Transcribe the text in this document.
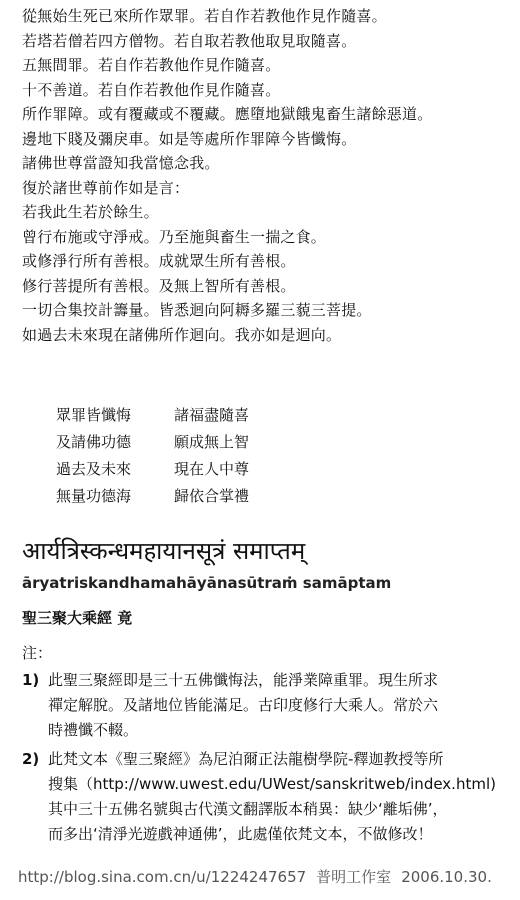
從無始生死已來所作眾罪。若自作若教他作見作隨喜。
若塔若僧若四方僧物。若自取若教他取見取隨喜。
五無間罪。若自作若教他作見作隨喜。
十不善道。若自作若教他作見作隨喜。
所作罪障。或有覆藏或不覆藏。應墮地獄餓鬼畜生諸餘惡道。
邊地下賤及彌戾車。如是等處所作罪障今皆懺悔。
諸佛世尊當證知我當憶念我。
復於諸世尊前作如是言：
若我此生若於餘生。
曾行布施或守淨戒。乃至施與畜生一揣之食。
或修淨行所有善根。成就眾生所有善根。
修行菩提所有善根。及無上智所有善根。
一切合集挍計籌量。皆悉迴向阿耨多羅三藐三菩提。
如過去未來現在諸佛所作迴向。我亦如是迴向。
眾罪皆懺悔	諸福盡隨喜
及請佛功德	願成無上智
過去及未來	現在人中尊
無量功德海	歸依合掌禮
आर्यत्रिस्कन्धमहायानसूत्रं समाप्तम्
āryatriskandhamahāyānasūtraṁ samāptam
聖三聚大乘經 竟
注：
1) 此聖三聚經即是三十五佛懺悔法，能淨業障重罪。現生所求
禪定解脫。及諸地位皆能滿足。古印度修行大乘人。常於六
時禮懺不輟。
2) 此梵文本《聖三聚經》為尼泊爾正法龍樹學院-釋迦教授等所
搜集（http://www.uwest.edu/UWest/sanskritweb/index.html)
其中三十五佛名號與古代漢文翻譯版本稍異：缺少‘離垢佛’，
而多出‘清淨光遊戲神通佛’，此處僅依梵文本，不做修改！
http://blog.sina.com.cn/u/1224247657 普明工作室 2006.10.30.
